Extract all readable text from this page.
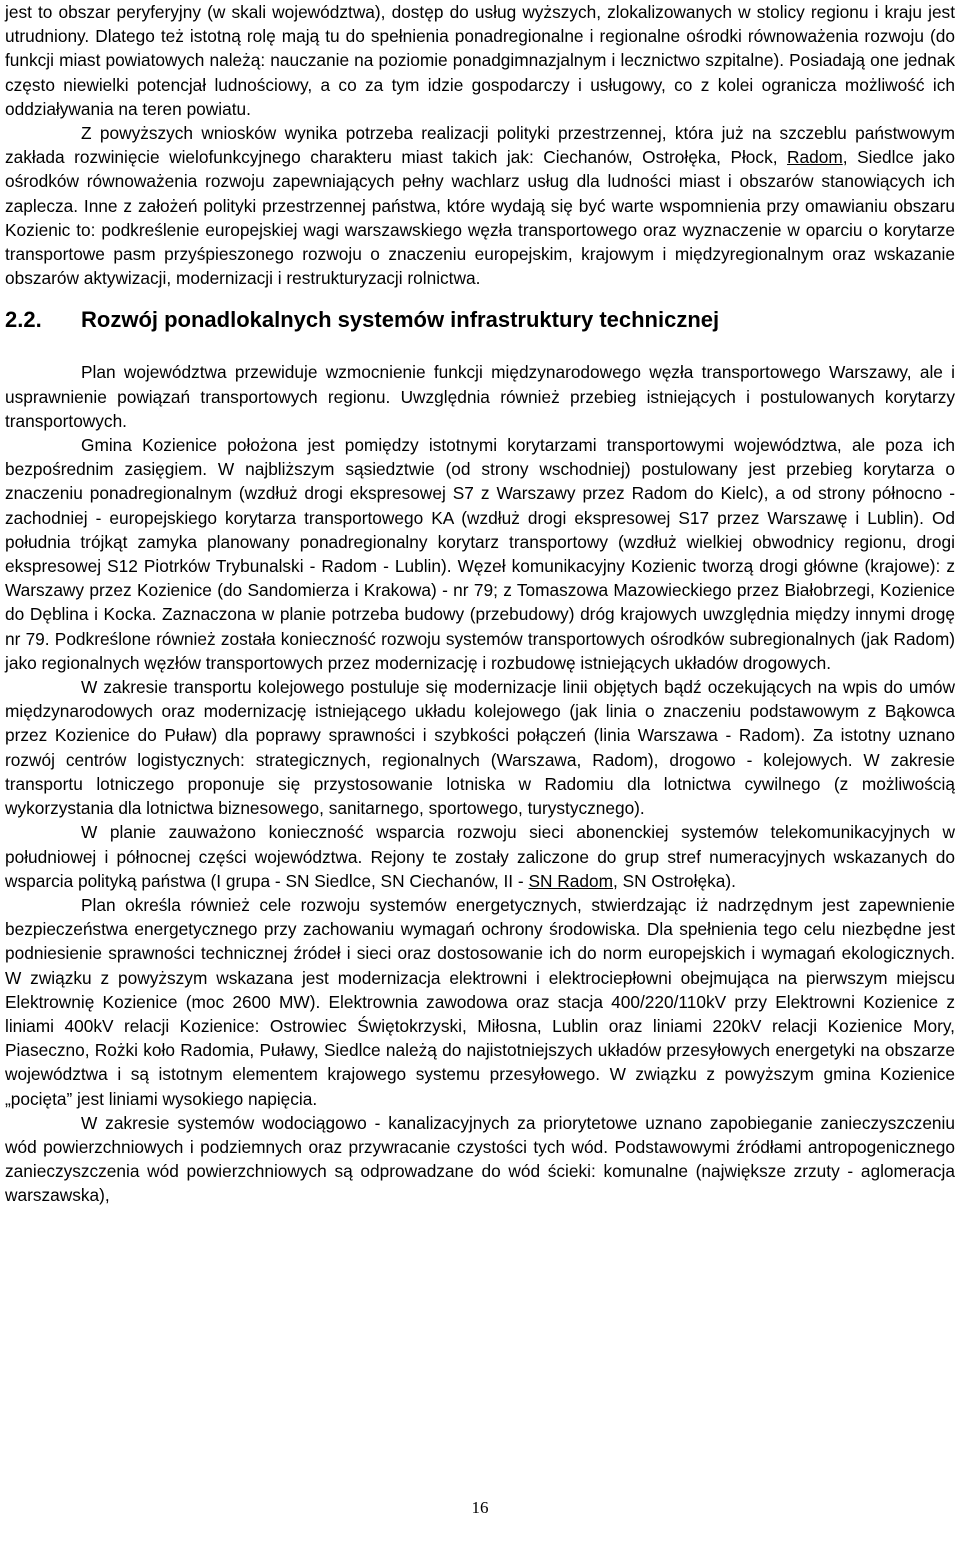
jest to obszar peryferyjny (w skali województwa), dostęp do usług wyższych, zlokalizowanych w stolicy regionu i kraju jest utrudniony. Dlatego też istotną rolę mają tu do spełnienia ponadregionalne i regionalne ośrodki równoważenia rozwoju (do funkcji miast powiatowych należą: nauczanie na poziomie ponadgimnazjalnym i lecznictwo szpitalne). Posiadają one jednak często niewielki potencjał ludnościowy, a co za tym idzie gospodarczy i usługowy, co z kolei ogranicza możliwość ich oddziaływania na teren powiatu.

Z powyższych wniosków wynika potrzeba realizacji polityki przestrzennej, która już na szczeblu państwowym zakłada rozwinięcie wielofunkcyjnego charakteru miast takich jak: Ciechanów, Ostrołęka, Płock, Radom, Siedlce jako ośrodków równoważenia rozwoju zapewniających pełny wachlarz usług dla ludności miast i obszarów stanowiących ich zaplecza. Inne z założeń polityki przestrzennej państwa, które wydają się być warte wspomnienia przy omawianiu obszaru Kozienic to: podkreślenie europejskiej wagi warszawskiego węzła transportowego oraz wyznaczenie w oparciu o korytarze transportowe pasm przyśpieszonego rozwoju o znaczeniu europejskim, krajowym i międzyregionalnym oraz wskazanie obszarów aktywizacji, modernizacji i restrukturyzacji rolnictwa.

2.2. Rozwój ponadlokalnych systemów infrastruktury technicznej

Plan województwa przewiduje wzmocnienie funkcji międzynarodowego węzła transportowego Warszawy, ale i usprawnienie powiązań transportowych regionu. Uwzględnia również przebieg istniejących i postulowanych korytarzy transportowych.

Gmina Kozienice położona jest pomiędzy istotnymi korytarzami transportowymi województwa, ale poza ich bezpośrednim zasięgiem. W najbliższym sąsiedztwie (od strony wschodniej) postulowany jest przebieg korytarza o znaczeniu ponadregionalnym (wzdłuż drogi ekspresowej S7 z Warszawy przez Radom do Kielc), a od strony północno - zachodniej - europejskiego korytarza transportowego KA (wzdłuż drogi ekspresowej S17 przez Warszawę i Lublin). Od południa trójkąt zamyka planowany ponadregionalny korytarz transportowy (wzdłuż wielkiej obwodnicy regionu, drogi ekspresowej S12 Piotrków Trybunalski - Radom - Lublin). Węzeł komunikacyjny Kozienic tworzą drogi główne (krajowe): z Warszawy przez Kozienice (do Sandomierza i Krakowa) - nr 79; z Tomaszowa Mazowieckiego przez Białobrzegi, Kozienice do Dęblina i Kocka. Zaznaczona w planie potrzeba budowy (przebudowy) dróg krajowych uwzględnia między innymi drogę nr 79. Podkreślone również została konieczność rozwoju systemów transportowych ośrodków subregionalnych (jak Radom) jako regionalnych węzłów transportowych przez modernizację i rozbudowę istniejących układów drogowych.

W zakresie transportu kolejowego postuluje się modernizacje linii objętych bądź oczekujących na wpis do umów międzynarodowych oraz modernizację istniejącego układu kolejowego (jak linia o znaczeniu podstawowym z Bąkowca przez Kozienice do Puław) dla poprawy sprawności i szybkości połączeń (linia Warszawa - Radom). Za istotny uznano rozwój centrów logistycznych: strategicznych, regionalnych (Warszawa, Radom), drogowo - kolejowych. W zakresie transportu lotniczego proponuje się przystosowanie lotniska w Radomiu dla lotnictwa cywilnego (z możliwością wykorzystania dla lotnictwa biznesowego, sanitarnego, sportowego, turystycznego).

W planie zauważono konieczność wsparcia rozwoju sieci abonenckiej systemów telekomunikacyjnych w południowej i północnej części województwa. Rejony te zostały zaliczone do grup stref numeracyjnych wskazanych do wsparcia polityką państwa (I grupa - SN Siedlce, SN Ciechanów, II - SN Radom, SN Ostrołęka).

Plan określa również cele rozwoju systemów energetycznych, stwierdzając iż nadrzędnym jest zapewnienie bezpieczeństwa energetycznego przy zachowaniu wymagań ochrony środowiska. Dla spełnienia tego celu niezbędne jest podniesienie sprawności technicznej źródeł i sieci oraz dostosowanie ich do norm europejskich i wymagań ekologicznych. W związku z powyższym wskazana jest modernizacja elektrowni i elektrociepłowni obejmująca na pierwszym miejscu Elektrownię Kozienice (moc 2600 MW). Elektrownia zawodowa oraz stacja 400/220/110kV przy Elektrowni Kozienice z liniami 400kV relacji Kozienice: Ostrowiec Świętokrzyski, Miłosna, Lublin oraz liniami 220kV relacji Kozienice Mory, Piaseczno, Rożki koło Radomia, Puławy, Siedlce należą do najistotniejszych układów przesyłowych energetyki na obszarze województwa i są istotnym elementem krajowego systemu przesyłowego. W związku z powyższym gmina Kozienice „pocięta” jest liniami wysokiego napięcia.

W zakresie systemów wodociągowo - kanalizacyjnych za priorytetowe uznano zapobieganie zanieczyszczeniu wód powierzchniowych i podziemnych oraz przywracanie czystości tych wód. Podstawowymi źródłami antropogenicznego zanieczyszczenia wód powierzchniowych są odprowadzane do wód ścieki: komunalne (największe zrzuty - aglomeracja warszawska),

16
